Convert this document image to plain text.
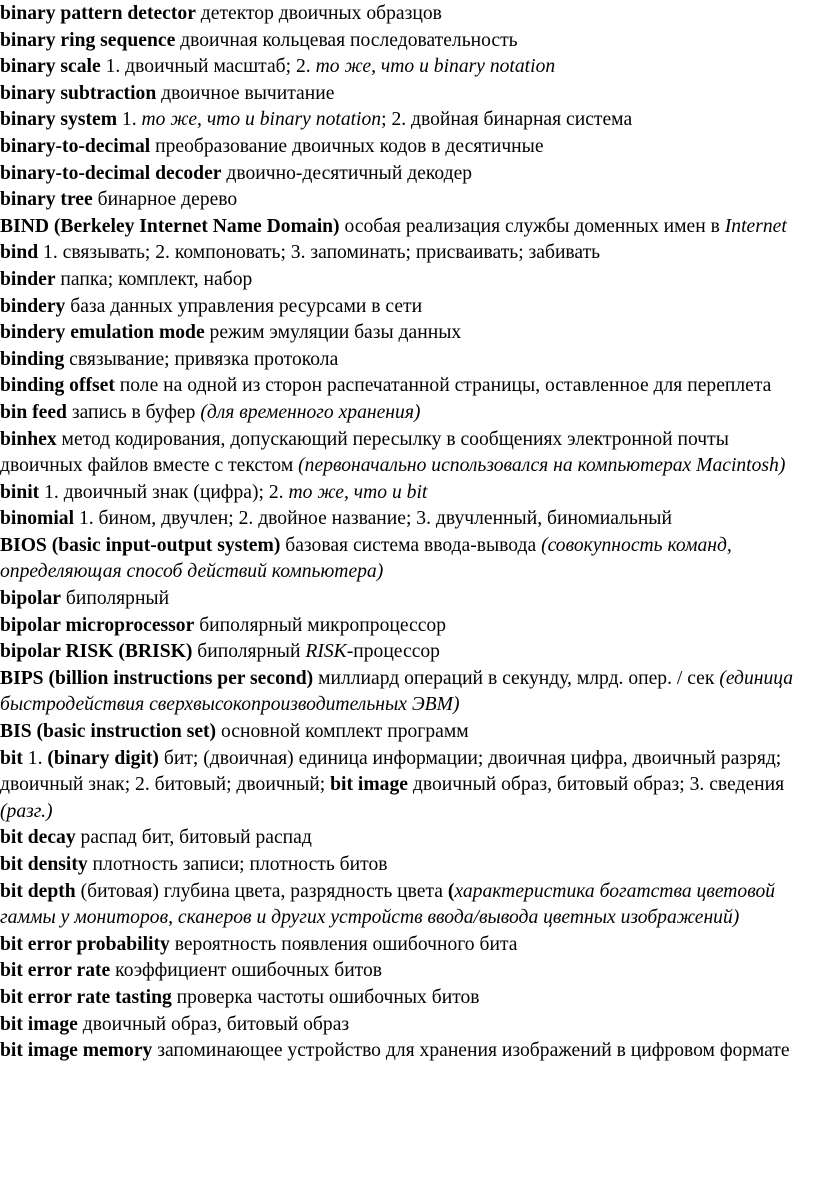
binary pattern detector детектор двоичных образцов

binary ring sequence двоичная кольцевая последовательность

binary scale 1. двоичный масштаб; 2. то же, что и binary notation

binary subtraction двоичное вычитание

binary system 1. то же, что и binary notation; 2. двойная бинарная система

binary-to-decimal преобразование двоичных кодов в десятичные

binary-to-decimal decoder двоично-десятичный декодер

binary tree бинарное дерево

BIND (Berkeley Internet Name Domain) особая реализация службы доменных имен в Internet

bind 1. связывать; 2. компоновать; 3. запоминать; присваивать; забивать

binder папка; комплект, набор

bindery база данных управления ресурсами в сети

bindery emulation mode режим эмуляции базы данных

binding связывание; привязка протокола

binding offset поле на одной из сторон распечатанной страницы, оставленное для переплета

bin feed запись в буфер (для временного хранения)

binhex метод кодирования, допускающий пересылку в сообщениях электронной почты двоичных файлов вместе с текстом (первоначально использовался на компьютерах Macintosh)

binit 1. двоичный знак (цифра); 2. то же, что и bit

binomial 1. бином, двучлен; 2. двойное название; 3. двучленный, биномиальный

BIOS (basic input-output system) базовая система ввода-вывода (совокупность команд, определяющая способ действий компьютера)

bipolar биполярный

bipolar microprocessor биполярный микропроцессор

bipolar RISK (BRISK) биполярный RISK-процессор

BIPS (billion instructions per second) миллиард операций в секунду, млрд. опер. / сек (единица быстродействия сверхвысокопроизводительных ЭВМ)

BIS (basic instruction set) основной комплект программ

bit 1. (binary digit) бит; (двоичная) единица информации; двоичная цифра, двоичный разряд; двоичный знак; 2. битовый; двоичный; bit image двоичный образ, битовый образ; 3. сведения (разг.)

bit decay распад бит, битовый распад

bit density плотность записи; плотность битов

bit depth (битовая) глубина цвета, разрядность цвета (характеристика богатства цветовой гаммы у мониторов, сканеров и других устройств ввода/вывода цветных изображений)

bit error probability вероятность появления ошибочного бита

bit error rate коэффициент ошибочных битов

bit error rate tasting проверка частоты ошибочных битов

bit image двоичный образ, битовый образ

bit image memory запоминающее устройство для хранения изображений в цифровом формате
